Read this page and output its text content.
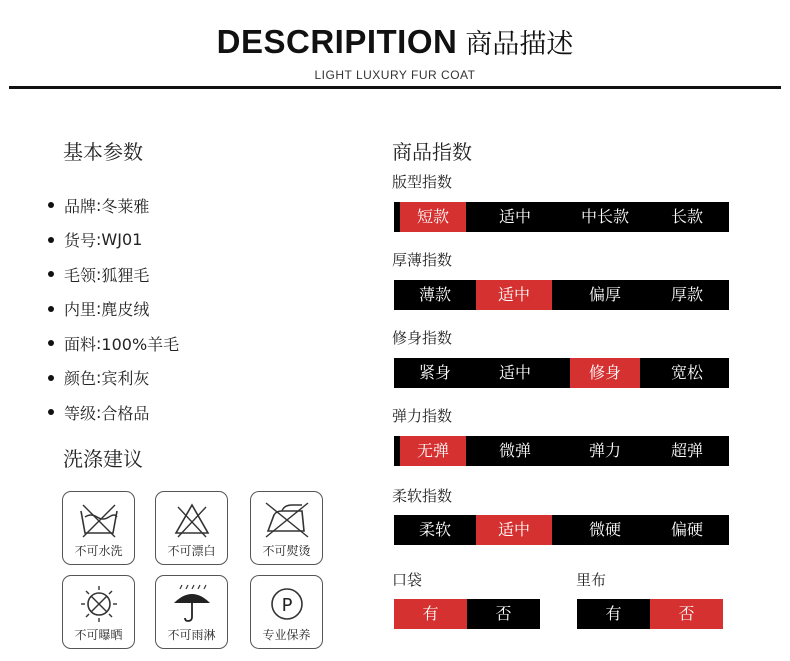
DESCRIPITION 商品描述
LIGHT LUXURY FUR COAT
基本参数
品牌 : 冬莱雅
货号 : WJ01
毛领 : 狐狸毛
内里 : 麂皮绒
面料 : 100%羊毛
颜色 : 宾利灰
等级 : 合格品
洗涤建议
不可水洗	不可漂白	不可熨烫
不可曝晒	不可雨淋
P
专业保养
商品指数
版型指数
短款	适中	中长款	长款
厚薄指数
薄款	适中	偏厚	厚款
修身指数
紧身	适中	修身	宽松
弹力指数
无弹	微弹	弹力	超弹
柔软指数
柔软	适中	微硬	偏硬
口袋
有	否
里布
有	否
